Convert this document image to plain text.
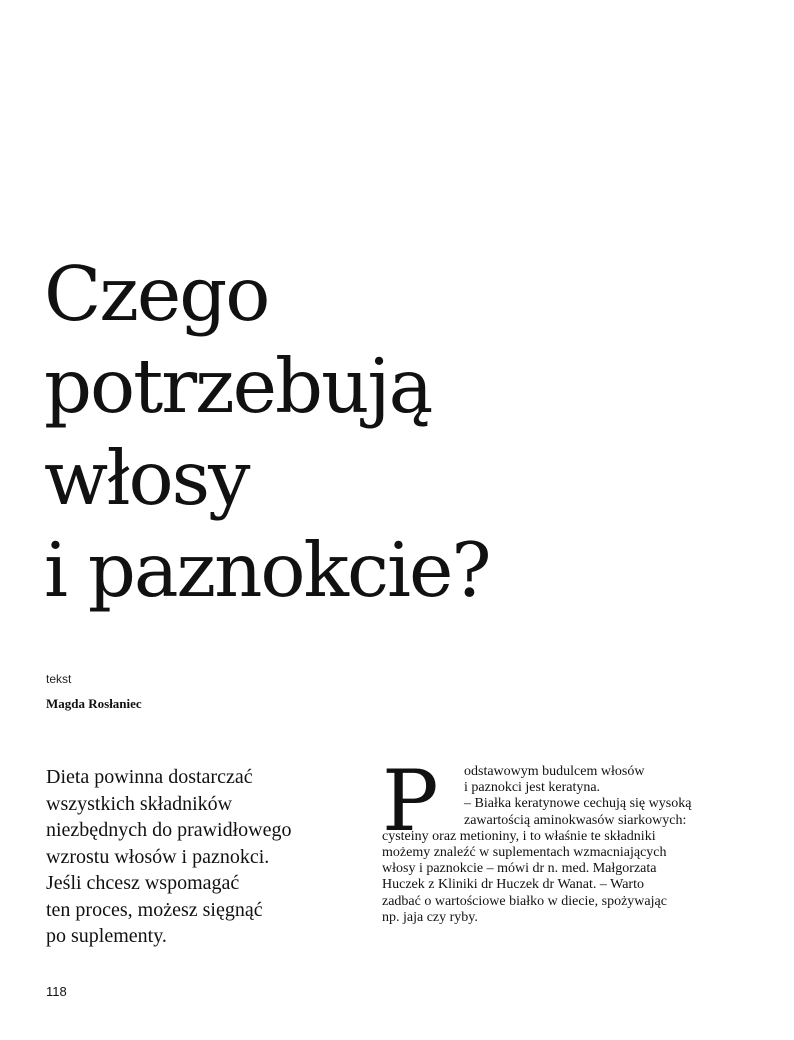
Czego
potrzebują
włosy
i paznokcie?
tekst
Magda Rosłaniec
Dieta powinna dostarczać
wszystkich składników
niezbędnych do prawidłowego
wzrostu włosów i paznokci.
Jeśli chcesz wspomagać
ten proces, możesz sięgnąć
po suplementy.
P	odstawowym budulcem włosów
i paznokci jest keratyna.
– Białka keratynowe cechują się wysoką
zawartością aminokwasów siarkowych:
cysteiny oraz metioniny, i to właśnie te składniki
możemy znaleźć w suplementach wzmacniających
włosy i paznokcie – mówi dr n. med. Małgorzata
Huczek z Kliniki dr Huczek dr Wanat. – Warto
zadbać o wartościowe białko w diecie, spożywając
np. jaja czy ryby.
118
